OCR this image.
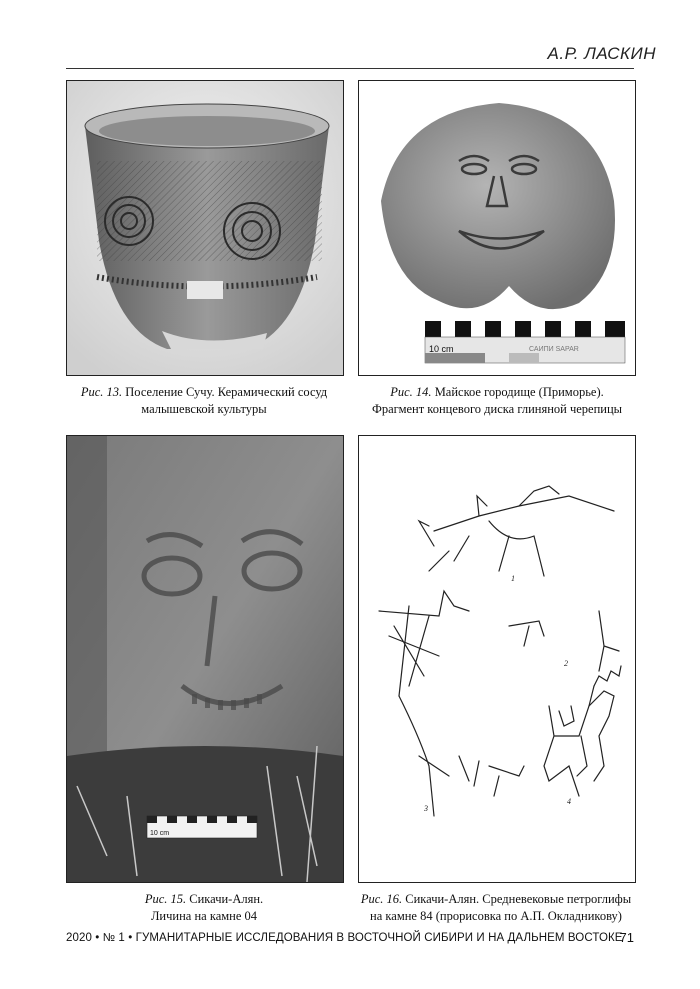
А.Р. ЛАСКИН
10 cm	САИПИ SAPAR
Рис. 13. Поселение Сучу. Керамический сосуд
малышевской культуры
Рис. 14. Майское городище (Приморье).
Фрагмент концевого диска глиняной черепицы
10 cm
1
2
3
4
Рис. 15. Сикачи-Алян.
Личина на камне 04
Рис. 16. Сикачи-Алян. Средневековые петроглифы
на камне 84 (прорисовка по А.П. Окладникову)
2020 • № 1 • ГУМАНИТАРНЫЕ ИССЛЕДОВАНИЯ В ВОСТОЧНОЙ СИБИРИ И НА ДАЛЬНЕМ ВОСТОКЕ
71
